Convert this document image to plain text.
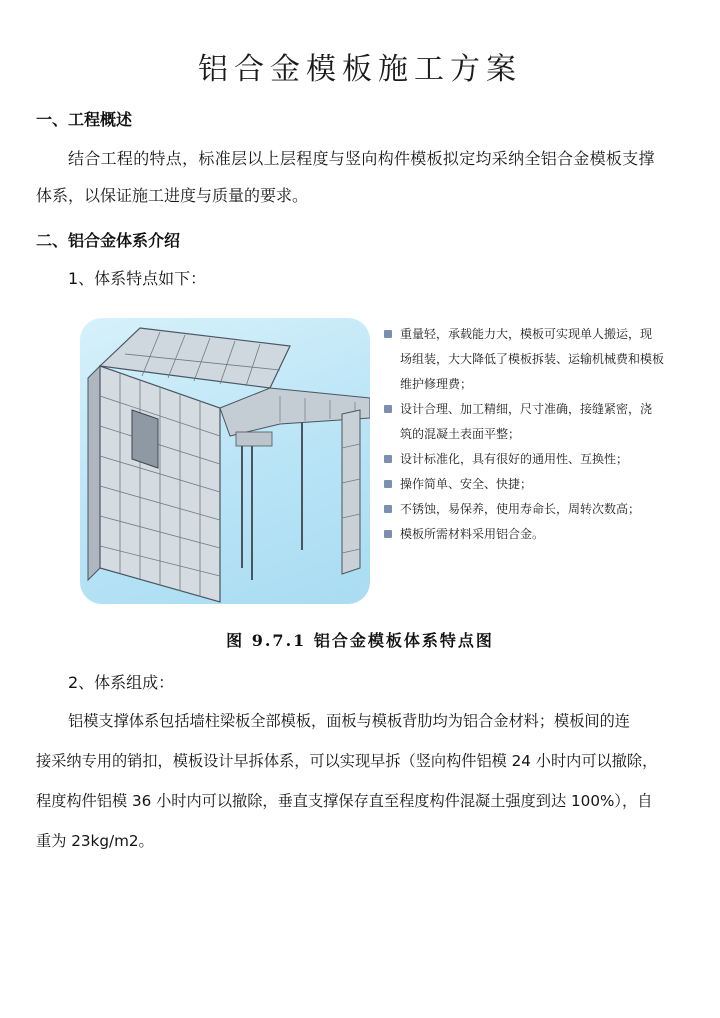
铝合金模板施工方案
一、工程概述
结合工程的特点，标准层以上层程度与竖向构件模板拟定均采纳全铝合金模板支撑
体系，以保证施工进度与质量的要求。
二、铝合金体系介绍
1、体系特点如下：
重量轻，承载能力大，模板可实现单人搬运，现
场组装，大大降低了模板拆装、运输机械费和模板
维护修理费；
设计合理、加工精细，尺寸准确，接缝紧密，浇
筑的混凝土表面平整；
设计标准化，具有很好的通用性、互换性；
操作简单、安全、快捷；
不锈蚀，易保养，使用寿命长，周转次数高；
模板所需材料采用铝合金。
图 9.7.1 铝合金模板体系特点图
2、体系组成：
铝模支撑体系包括墙柱梁板全部模板，面板与模板背肋均为铝合金材料；模板间的连
接采纳专用的销扣，模板设计早拆体系，可以实现早拆（竖向构件铝模 24 小时内可以撤除，
程度构件铝模 36 小时内可以撤除，垂直支撑保存直至程度构件混凝土强度到达 100%），自
重为 23kg/m2。
